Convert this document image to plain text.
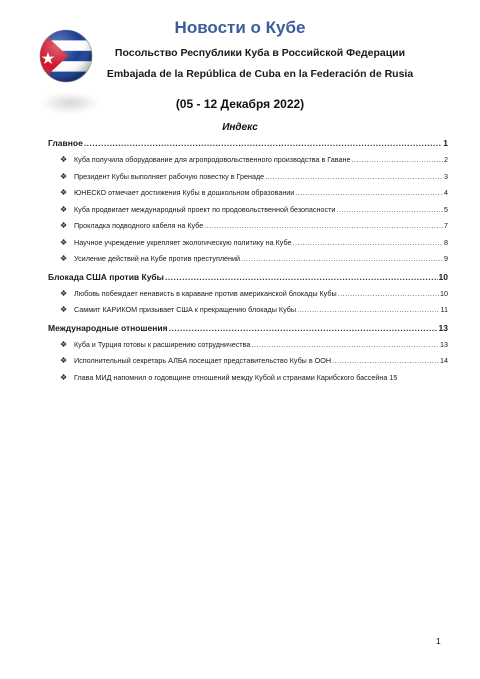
Новости о Кубе
Посольство Республики Куба в Российской Федерации
Embajada de la República de Cuba en la Federación de Rusia
(05 - 12 Декабря 2022)
Индекс
Главное .....	1
❖ Куба получила оборудование для агропродовольственного производства в Гаване .....	2
❖ Президент Кубы выполняет рабочую повестку в Гренаде .....	3
❖ ЮНЕСКО отмечает достижения Кубы в дошкольном образовании .....	4
❖ Куба продвигает международный проект по продовольственной безопасности .....	5
❖ Прокладка подводного кабеля на Кубе .....	7
❖ Научное учреждение укрепляет экологическую политику на Кубе .....	8
❖ Усиление действий на Кубе против преступлений .....	9
Блокада США против Кубы .....	10
❖ Любовь побеждает ненависть в караване против американской блокады Кубы .....	10
❖ Саммит КАРИКОМ призывает США к прекращению блокады Кубы .....	11
Международные отношения .....	13
❖ Куба и Турция готовы к расширению сотрудничества .....	13
❖ Исполнительный секретарь АЛБА посещает представительство Кубы в ООН .....	14
❖ Глава МИД напомнил о годовщине отношений между Кубой и странами Карибского бассейна 15
1
